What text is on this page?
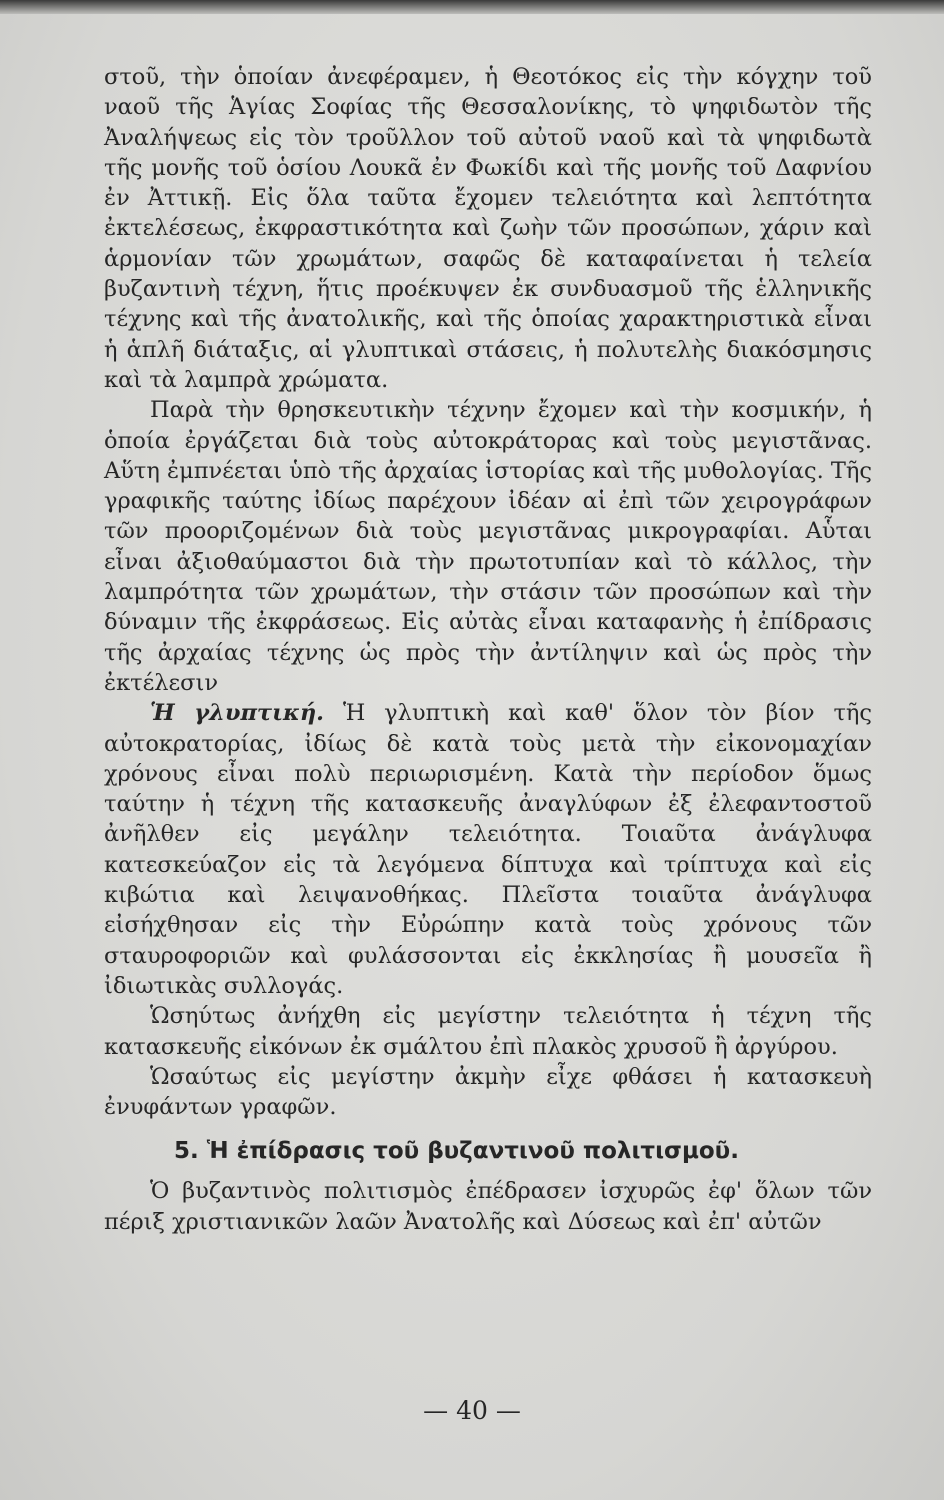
στοῦ, τὴν ὁποίαν ἀνεφέραμεν, ἡ Θεοτόκος εἰς τὴν κόγχην τοῦ ναοῦ τῆς Ἁγίας Σοφίας τῆς Θεσσαλονίκης, τὸ ψηφιδωτὸν τῆς Ἀναλήψεως εἰς τὸν τροῦλλον τοῦ αὐτοῦ ναοῦ καὶ τὰ ψηφιδωτὰ τῆς μονῆς τοῦ ὁσίου Λουκᾶ ἐν Φωκίδι καὶ τῆς μονῆς τοῦ Δαφνίου ἐν Ἀττικῇ. Εἰς ὅλα ταῦτα ἔχομεν τελειότητα καὶ λεπτότητα ἐκτελέσεως, ἐκφραστικότητα καὶ ζωὴν τῶν προσώπων, χάριν καὶ ἁρμονίαν τῶν χρωμάτων, σαφῶς δὲ καταφαίνεται ἡ τελεία βυζαντινὴ τέχνη, ἥτις προέκυψεν ἐκ συνδυασμοῦ τῆς ἑλληνικῆς τέχνης καὶ τῆς ἀνατολικῆς, καὶ τῆς ὁποίας χαρακτηριστικὰ εἶναι ἡ ἁπλῆ διάταξις, αἱ γλυπτικαὶ στάσεις, ἡ πολυτελὴς διακόσμησις καὶ τὰ λαμπρὰ χρώματα.

Παρὰ τὴν θρησκευτικὴν τέχνην ἔχομεν καὶ τὴν κοσμικήν, ἡ ὁποία ἐργάζεται διὰ τοὺς αὐτοκράτορας καὶ τοὺς μεγιστᾶνας. Αὕτη ἐμπνέεται ὑπὸ τῆς ἀρχαίας ἱστορίας καὶ τῆς μυθολογίας. Τῆς γραφικῆς ταύτης ἰδίως παρέχουν ἰδέαν αἱ ἐπὶ τῶν χειρογράφων τῶν προοριζομένων διὰ τοὺς μεγιστᾶνας μικρογραφίαι. Αὗται εἶναι ἀξιοθαύμαστοι διὰ τὴν πρωτοτυπίαν καὶ τὸ κάλλος, τὴν λαμπρότητα τῶν χρωμάτων, τὴν στάσιν τῶν προσώπων καὶ τὴν δύναμιν τῆς ἐκφράσεως. Εἰς αὐτὰς εἶναι καταφανὴς ἡ ἐπίδρασις τῆς ἀρχαίας τέχνης ὡς πρὸς τὴν ἀντίληψιν καὶ ὡς πρὸς τὴν ἐκτέλεσιν

Ἡ γλυπτική. Ἡ γλυπτικὴ καὶ καθ' ὅλον τὸν βίον τῆς αὐτοκρατορίας, ἰδίως δὲ κατὰ τοὺς μετὰ τὴν εἰκονομαχίαν χρόνους εἶναι πολὺ περιωρισμένη. Κατὰ τὴν περίοδον ὅμως ταύτην ἡ τέχνη τῆς κατασκευῆς ἀναγλύφων ἐξ ἐλεφαντοστοῦ ἀνῆλθεν εἰς μεγάλην τελειότητα. Τοιαῦτα ἀνάγλυφα κατεσκεύαζον εἰς τὰ λεγόμενα δίπτυχα καὶ τρίπτυχα καὶ εἰς κιβώτια καὶ λειψανοθήκας. Πλεῖστα τοιαῦτα ἀνάγλυφα εἰσήχθησαν εἰς τὴν Εὐρώπην κατὰ τοὺς χρόνους τῶν σταυροφοριῶν καὶ φυλάσσονται εἰς ἐκκλησίας ἢ μουσεῖα ἢ ἰδιωτικὰς συλλογάς.

Ὡσηύτως ἀνήχθη εἰς μεγίστην τελειότητα ἡ τέχνη τῆς κατασκευῆς εἰκόνων ἐκ σμάλτου ἐπὶ πλακὸς χρυσοῦ ἢ ἀργύρου.

Ὡσαύτως εἰς μεγίστην ἀκμὴν εἶχε φθάσει ἡ κατασκευὴ ἐνυφάντων γραφῶν.

5. Ἡ ἐπίδρασις τοῦ βυζαντινοῦ πολιτισμοῦ.

Ὁ βυζαντινὸς πολιτισμὸς ἐπέδρασεν ἰσχυρῶς ἐφ' ὅλων τῶν πέριξ χριστιανικῶν λαῶν Ἀνατολῆς καὶ Δύσεως καὶ ἐπ' αὐτῶν

— 40 —
